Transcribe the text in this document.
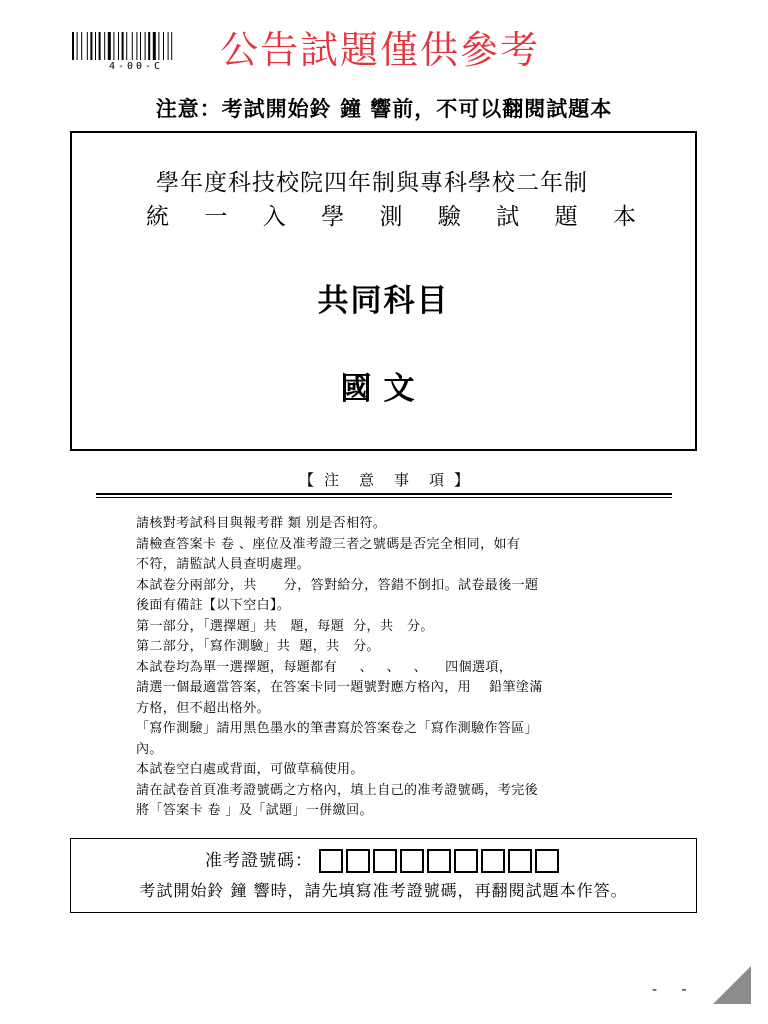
4-00-C	公告試題僅供參考
注意：考試開始鈴 鐘 響前，不可以翻閱試題本
學年度科技校院四年制與專科學校二年制
統 一 入 學 測 驗 試 題 本
共同科目
國文
【 注 意 事 項 】
請核對考試科目與報考群 類 別是否相符。
請檢查答案卡 卷 、座位及准考證三者之號碼是否完全相同，如有
不符，請監試人員查明處理。
本試卷分兩部分，共      分，答對給分，答錯不倒扣。試卷最後一題
後面有備註【以下空白】。
第一部分，「選擇題」共   題，每題  分，共   分。
第二部分，「寫作測驗」共  題，共   分。
本試卷均為單一選擇題，每題都有     、   、   、    四個選項，
請選一個最適當答案，在答案卡同一題號對應方格內，用    鉛筆塗滿
方格，但不超出格外。
「寫作測驗」請用黑色墨水的筆書寫於答案卷之「寫作測驗作答區」
內。
本試卷空白處或背面，可做草稿使用。
請在試卷首頁准考證號碼之方格內，填上自己的准考證號碼，考完後
將「答案卡 卷 」及「試題」一併繳回。
准考證號碼：
考試開始鈴 鐘 響時，請先填寫准考證號碼，再翻閱試題本作答。
- -
